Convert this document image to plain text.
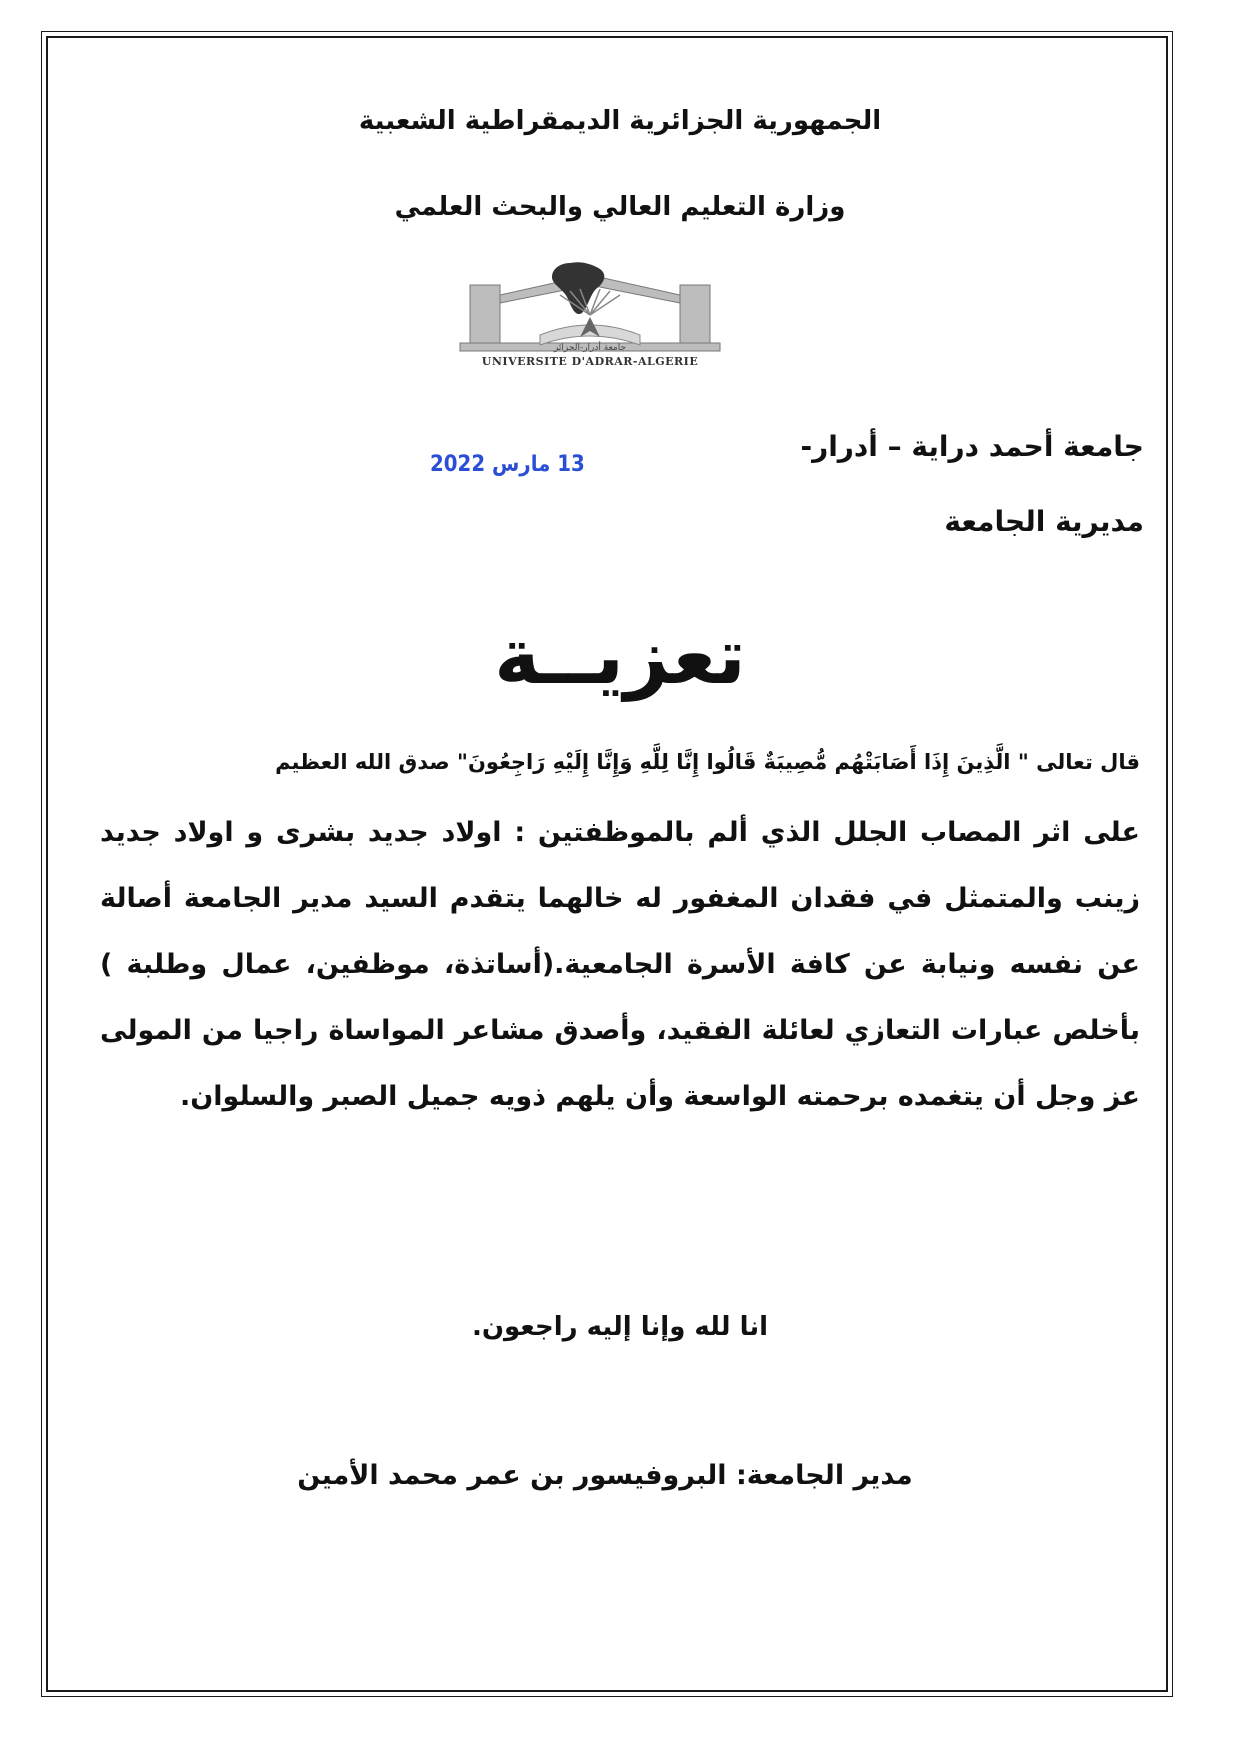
الجمهورية الجزائرية الديمقراطية الشعبية
وزارة التعليم العالي والبحث العلمي
جامعة أدرار-الجزائر
UNIVERSITE D'ADRAR-ALGERIE
جامعة أحمد دراية – أدرار-
مديرية الجامعة
13 مارس 2022
تعزيــة
قال تعالى " الَّذِينَ إِذَا أَصَابَتْهُم مُّصِيبَةٌ قَالُوا إِنَّا لِلَّهِ وَإِنَّا إِلَيْهِ رَاجِعُونَ" صدق الله العظيم

على اثر المصاب الجلل الذي ألم بالموظفتين : اولاد جديد بشرى و اولاد جديد زينب والمتمثل في فقدان المغفور له خالهما يتقدم السيد مدير الجامعة أصالة عن نفسه ونيابة عن كافة الأسرة الجامعية.(أساتذة، موظفين، عمال وطلبة ) بأخلص عبارات التعازي لعائلة الفقيد، وأصدق مشاعر المواساة راجيا من المولى عز وجل أن يتغمده برحمته الواسعة وأن يلهم ذويه جميل الصبر والسلوان.

انا لله وإنا إليه راجعون.
مدير الجامعة: البروفيسور بن عمر محمد الأمين
